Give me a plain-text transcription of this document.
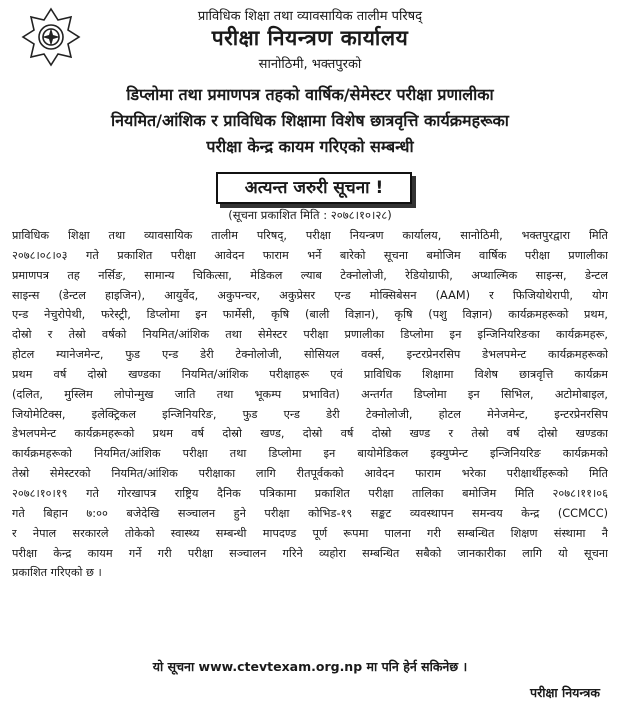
प्राविधिक शिक्षा तथा व्यावसायिक तालीम परिषद्
परीक्षा नियन्त्रण कार्यालय
सानोठिमी, भक्तपुरको
डिप्लोमा तथा प्रमाणपत्र तहको वार्षिक/सेमेस्टर परीक्षा प्रणालीका
नियमित/आंशिक र प्राविधिक शिक्षामा विशेष छात्रवृत्ति कार्यक्रमहरूका
परीक्षा केन्द्र कायम गरिएको सम्बन्धी
अत्यन्त जरुरी सूचना !
(सूचना प्रकाशित मिति : २०७८।१०।२८)
प्राविधिक शिक्षा तथा व्यावसायिक तालीम परिषद्, परीक्षा नियन्त्रण कार्यालय, सानोठिमी, भक्तपुरद्वारा मिति
२०७८।०८।०३ गते प्रकाशित परीक्षा आवेदन फाराम भर्ने बारेको सूचना बमोजिम वार्षिक परीक्षा प्रणालीका
प्रमाणपत्र तह नर्सिङ, सामान्य चिकित्सा, मेडिकल ल्याब टेक्नोलोजी, रेडियोग्राफी, अप्थाल्मिक साइन्स, डेन्टल
साइन्स (डेन्टल हाइजिन), आयुर्वेद, अकुपन्चर, अकुप्रेसर एन्ड मोक्सिबेसन (AAM) र फिजियोथेरापी, योग
एन्ड नेचुरोपेथी, फरेस्ट्री, डिप्लोमा इन फार्मेसी, कृषि (बाली विज्ञान), कृषि (पशु विज्ञान) कार्यक्रमहरूको प्रथम,
दोस्रो र तेस्रो वर्षको नियमित/आंशिक तथा सेमेस्टर परीक्षा प्रणालीका डिप्लोमा इन इन्जिनियरिङका कार्यक्रमहरू,
होटल म्यानेजमेन्ट, फुड एन्ड डेरी टेक्नोलोजी, सोसियल वर्क्स, इन्टरप्रेनरसिप डेभलपमेन्ट कार्यक्रमहरूको
प्रथम वर्ष दोस्रो खण्डका नियमित/आंशिक परीक्षाहरू एवं प्राविधिक शिक्षामा विशेष छात्रवृत्ति कार्यक्रम
(दलित, मुस्लिम लोपोन्मुख जाति तथा भूकम्प प्रभावित) अन्तर्गत डिप्लोमा इन सिभिल, अटोमोबाइल,
जियोमेटिक्स, इलेक्ट्रिकल इन्जिनियरिङ, फुड एन्ड डेरी टेक्नोलोजी, होटल मेनेजमेन्ट, इन्टरप्रेनरसिप
डेभलपमेन्ट कार्यक्रमहरूको प्रथम वर्ष दोस्रो खण्ड, दोस्रो वर्ष दोस्रो खण्ड र तेस्रो वर्ष दोस्रो खण्डका
कार्यक्रमहरूको नियमित/आंशिक परीक्षा तथा डिप्लोमा इन बायोमेडिकल इक्युप्मेन्ट इन्जिनियरिङ कार्यक्रमको
तेस्रो सेमेस्टरको नियमित/आंशिक परीक्षाका लागि रीतपूर्वकको आवेदन फाराम भरेका परीक्षार्थीहरूको मिति
२०७८।१०।१९ गते गोरखापत्र राष्ट्रिय दैनिक पत्रिकामा प्रकाशित परीक्षा तालिका बमोजिम मिति २०७८।११।०६
गते बिहान ७:०० बजेदेखि सञ्चालन हुने परीक्षा कोभिड-१९ सङ्कट व्यवस्थापन समन्वय केन्द्र (CCMCC)
र नेपाल सरकारले तोकेको स्वास्थ्य सम्बन्धी मापदण्ड पूर्ण रूपमा पालना गरी सम्बन्धित शिक्षण संस्थामा नै
परीक्षा केन्द्र कायम गर्ने गरी परीक्षा सञ्चालन गरिने व्यहोरा सम्बन्धित सबैको जानकारीका लागि यो सूचना
प्रकाशित गरिएको छ ।
यो सूचना www.ctevtexam.org.np मा पनि हेर्न सकिनेछ ।
परीक्षा नियन्त्रक
